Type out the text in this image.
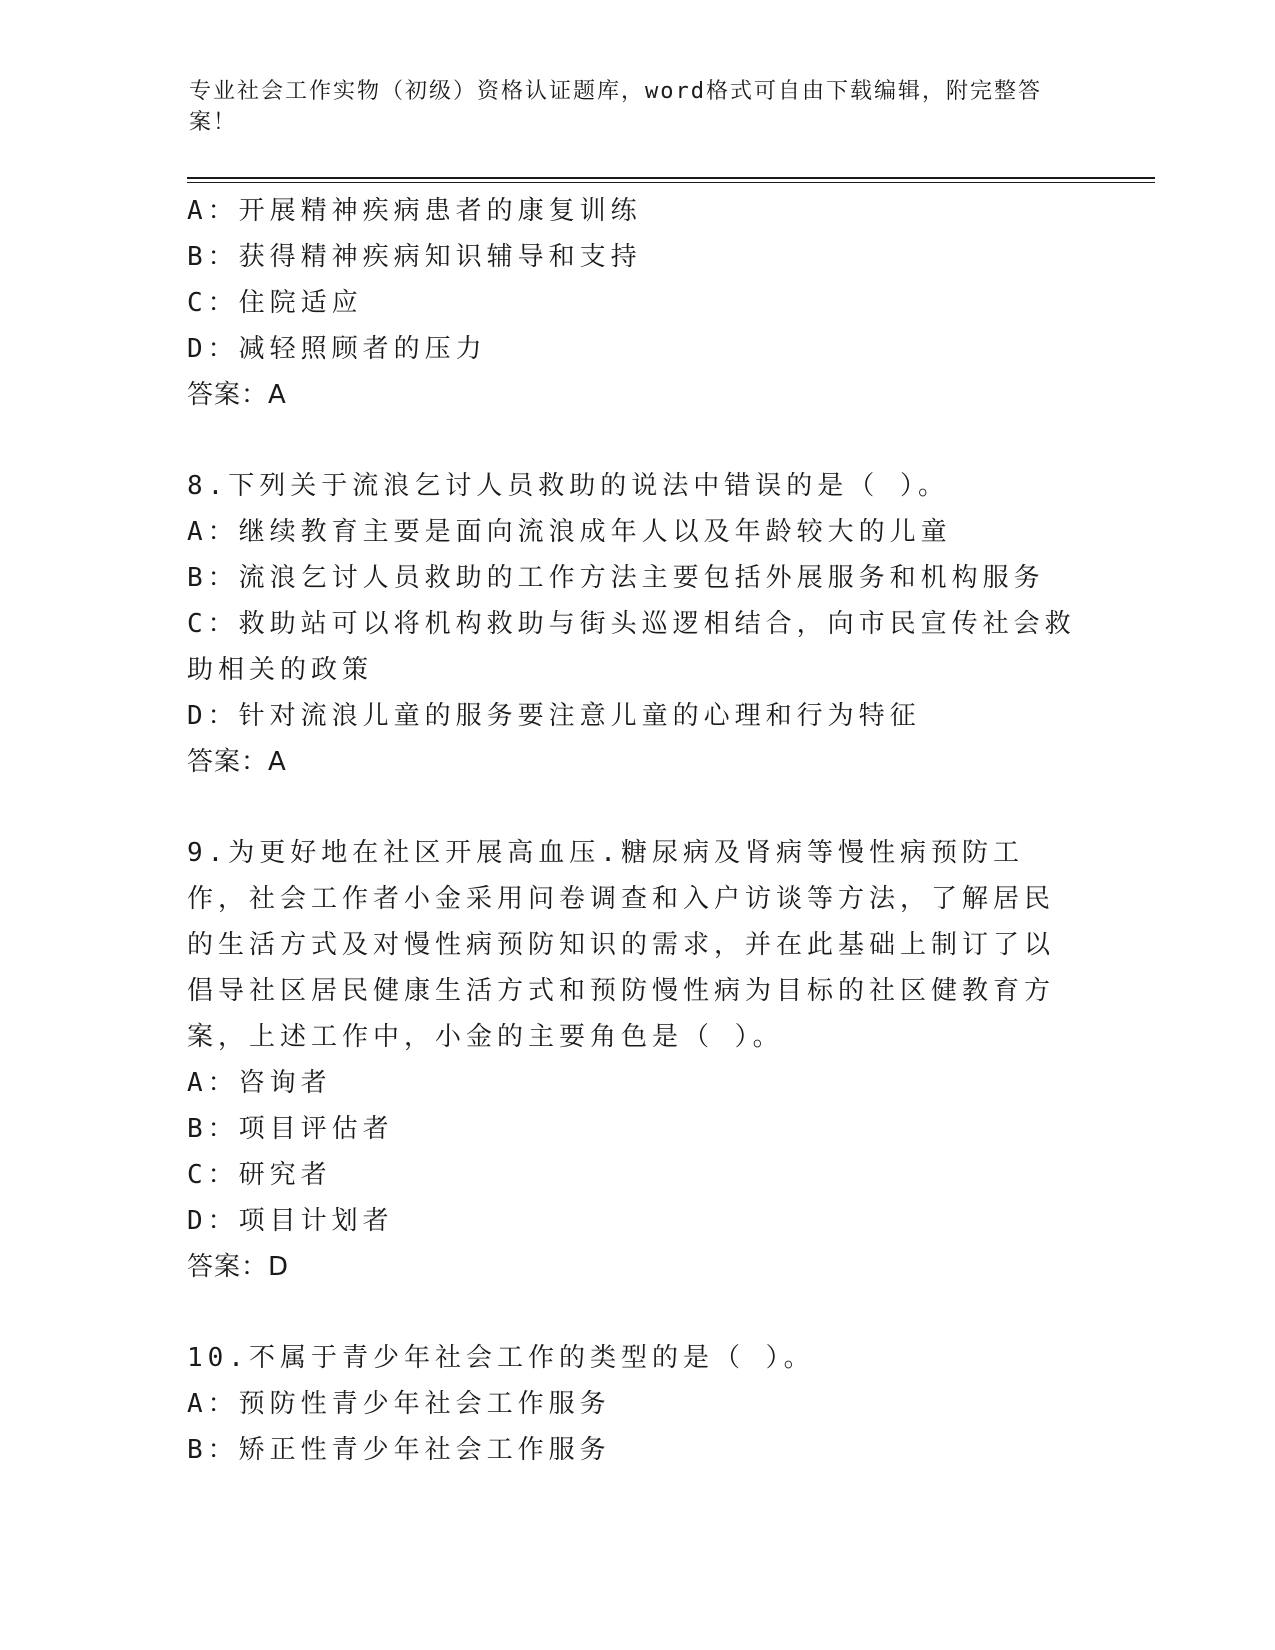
专业社会工作实物（初级）资格认证题库，word格式可自由下载编辑，附完整答案！
A：开展精神疾病患者的康复训练
B：获得精神疾病知识辅导和支持
C：住院适应
D：减轻照顾者的压力
答案：A
8.下列关于流浪乞讨人员救助的说法中错误的是（ ）。
A：继续教育主要是面向流浪成年人以及年龄较大的儿童
B：流浪乞讨人员救助的工作方法主要包括外展服务和机构服务
C：救助站可以将机构救助与街头巡逻相结合，向市民宣传社会救助相关的政策
D：针对流浪儿童的服务要注意儿童的心理和行为特征
答案：A
9.为更好地在社区开展高血压.糖尿病及肾病等慢性病预防工作，社会工作者小金采用问卷调查和入户访谈等方法，了解居民的生活方式及对慢性病预防知识的需求，并在此基础上制订了以倡导社区居民健康生活方式和预防慢性病为目标的社区健教育方案，上述工作中，小金的主要角色是（ ）。
A：咨询者
B：项目评估者
C：研究者
D：项目计划者
答案：D
10.不属于青少年社会工作的类型的是（ ）。
A：预防性青少年社会工作服务
B：矫正性青少年社会工作服务
